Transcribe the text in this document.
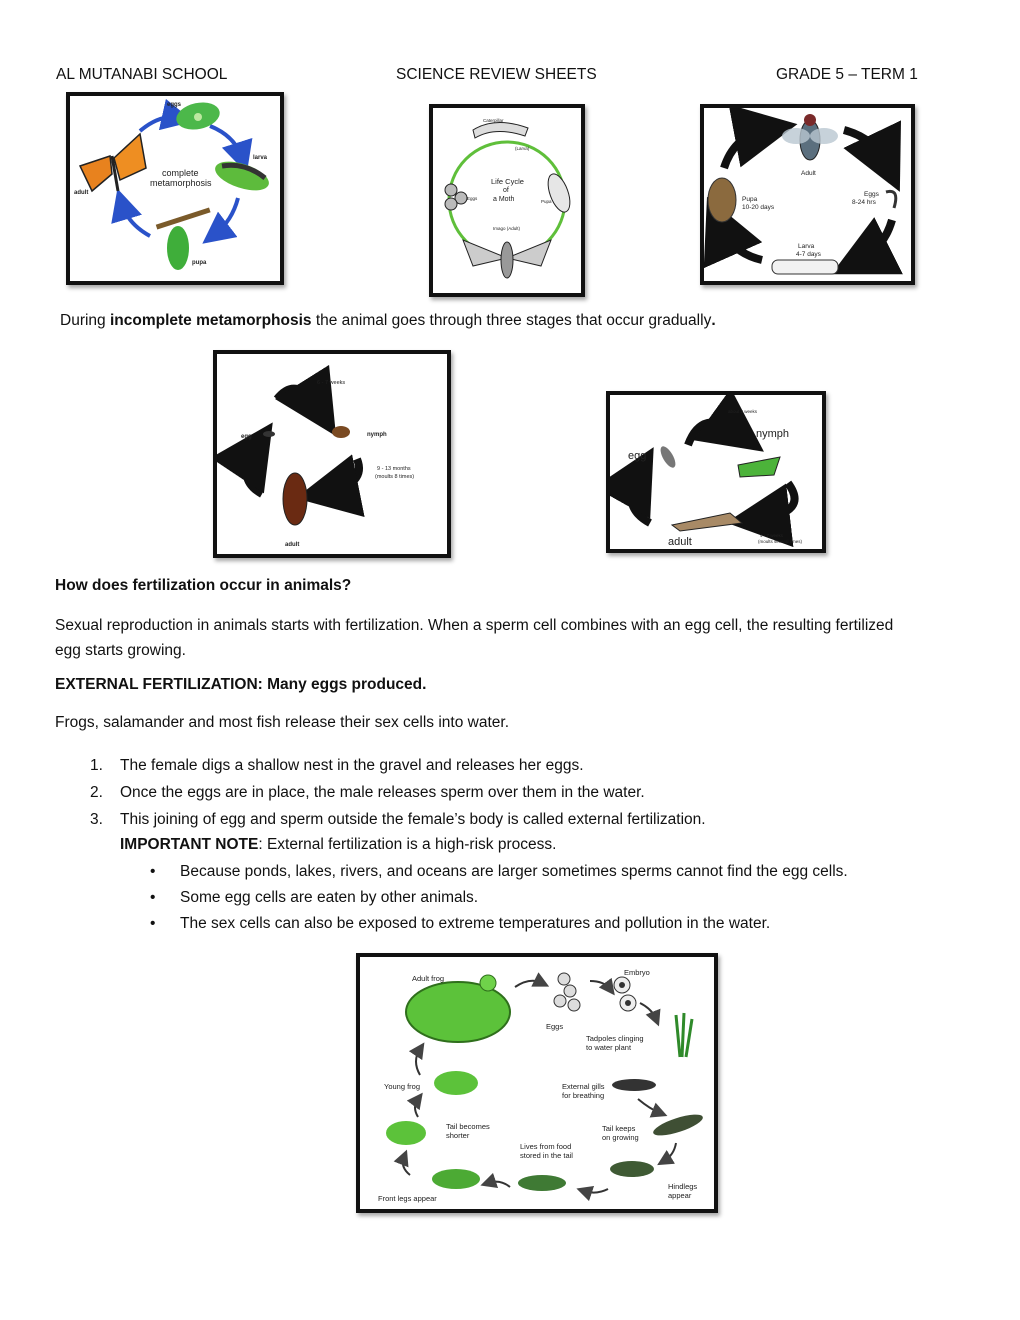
AL MUTANABI SCHOOL	SCIENCE REVIEW SHEETS	GRADE 5 – TERM 1
eggs
larva
pupa
adult
complete
metamorphosis
Caterpillar
(Larva)
Life Cycle
of
a Moth
Eggs
Pupa
Imago (Adult)
Adult
Eggs
8-24 hrs
Pupa
10-20 days
Larva
4-7 days
During incomplete metamorphosis the animal goes through three stages that occur gradually.
6 - 7 weeks
egg	nymph
9 - 13 months
(moults 8 times)
adult
about 2 weeks
egg
nymph
adult
4 - 7 weeks
(moults several times)
How does fertilization occur in animals?
Sexual reproduction in animals starts with fertilization. When a sperm cell combines with an egg cell, the resulting fertilized egg starts growing.
EXTERNAL FERTILIZATION: Many eggs produced.
Frogs, salamander and most fish release their sex cells into water.
1. The female digs a shallow nest in the gravel and releases her eggs.
2. Once the eggs are in place, the male releases sperm over them in the water.
3. This joining of egg and sperm outside the female’s body is called external fertilization.
IMPORTANT NOTE: External fertilization is a high-risk process.
• Because ponds, lakes, rivers, and oceans are larger sometimes sperms cannot find the egg cells.
• Some egg cells are eaten by other animals.
• The sex cells can also be exposed to extreme temperatures and pollution in the water.
Adult frog
Eggs
Embryo
Tadpoles clinging
to water plant
External gills
for breathing
Tail keeps
on growing
Hindlegs
appear
Lives from food
stored in the tail
Front legs appear
Tail becomes
shorter
Young frog
